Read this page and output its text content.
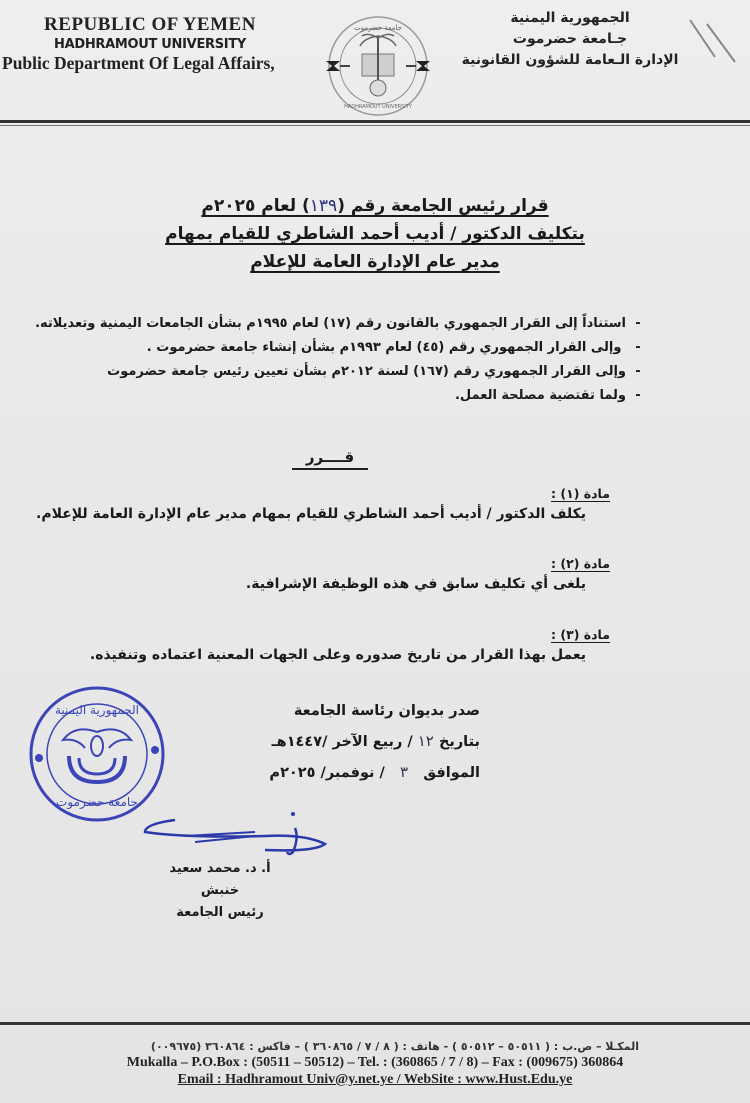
REPUBLIC OF YEMEN
HADHRAMOUT UNIVERSITY
Public Department Of Legal Affairs,
جامعة حضرموت
HADHRAMOUT UNIVERSITY
الجمهورية اليمنية
جـامعة حضرموت
الإدارة الـعامة للشؤون القانونية
قرار رئيس الجامعة رقم (١٣٩) لعام ٢٠٢٥م
بتكليف الدكتور / أديب أحمد الشاطري للقيام بمهام
مدير عام الإدارة العامة للإعلام
-استناداً إلى القرار الجمهوري بالقانون رقم (١٧) لعام ١٩٩٥م بشأن الجامعات اليمنية وتعديلاته.
- وإلى القرار الجمهوري رقم (٤٥) لعام ١٩٩٣م بشأن إنشاء جامعة حضرموت .
-وإلى القرار الجمهوري رقم (١٦٧) لسنة ٢٠١٢م بشأن تعيين رئيس جامعة حضرموت
-ولما تقتضية مصلحة العمل.
قــــرر
مادة (١) :
يكلف الدكتور / أديب أحمد الشاطري للقيام بمهام مدير عام الإدارة العامة للإعلام.
مادة (٢) :
يلغى أي تكليف سابق في هذه الوظيفة الإشرافية.
مادة (٣) :
يعمل بهذا القرار من تاريخ صدوره وعلى الجهات المعنية اعتماده وتنفيذه.
الجمهورية اليمنية
جامعة حضرموت
صدر بديوان رئاسة الجامعة
بتاريخ ١٢ / ربيع الآخر /١٤٤٧هـ
الموافق   ٣   / نوفمبر/ ٢٠٢٥م
أ. د. محمد سعيد خنبش
رئيس الجامعة
المكـلا – ص.ب : ( ٥٠٥١١ – ٥٠٥١٢ ) - هاتف : ( ٨ / ٧ / ٣٦٠٨٦٥ ) – فاكس : ٣٦٠٨٦٤ (٠٠٩٦٧٥)
Mukalla – P.O.Box : (50511 – 50512) – Tel. : (360865 / 7 / 8) – Fax : (009675) 360864
Email : Hadhramout Univ@y.net.ye / WebSite : www.Hust.Edu.ye
